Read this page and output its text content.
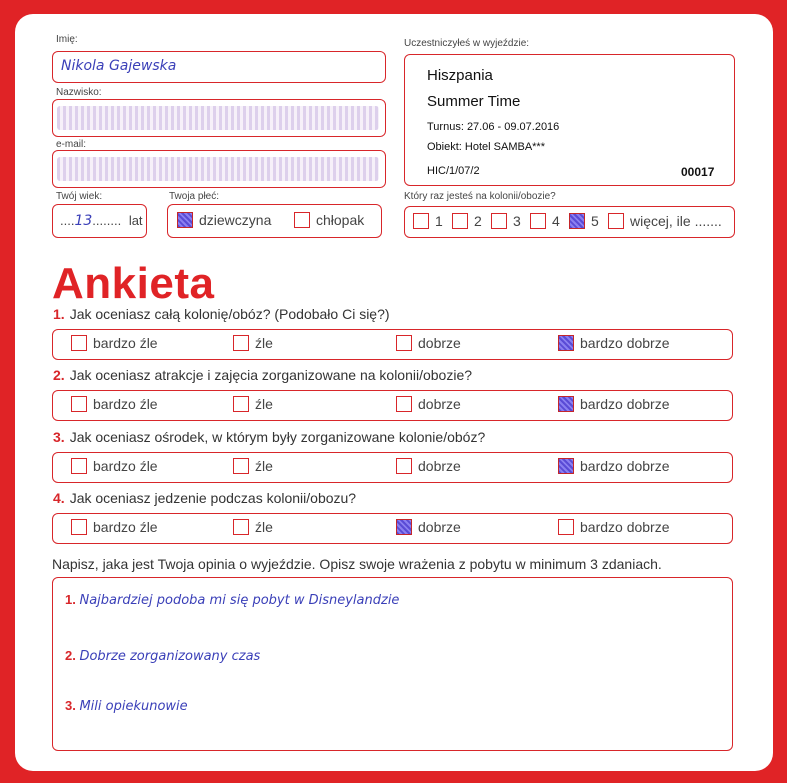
Imię:
Nikola Gajewska
Nazwisko:
e-mail:
Uczestniczyłeś w wyjeździe:
Hiszpania
Summer Time
Turnus: 27.06 - 09.07.2016
Obiekt: Hotel SAMBA***
HIC/1/07/2	00017
Twój wiek:
....13........ lat
Twoja płeć:
dziewczyna	chłopak
Który raz jesteś na kolonii/obozie?
1 2 3 4 5 więcej, ile .......
Ankieta
1. Jak oceniasz całą kolonię/obóz? (Podobało Ci się?)
bardzo źle	źle	dobrze	bardzo dobrze
2. Jak oceniasz atrakcje i zajęcia zorganizowane na kolonii/obozie?
bardzo źle	źle	dobrze	bardzo dobrze
3. Jak oceniasz ośrodek, w którym były zorganizowane kolonie/obóz?
bardzo źle	źle	dobrze	bardzo dobrze
4. Jak oceniasz jedzenie podczas kolonii/obozu?
bardzo źle	źle	dobrze	bardzo dobrze
Napisz, jaka jest Twoja opinia o wyjeździe. Opisz swoje wrażenia z pobytu w minimum 3 zdaniach.
1. Najbardziej podoba mi się pobyt w Disneylandzie
2. Dobrze zorganizowany czas
3. Mili opiekunowie
